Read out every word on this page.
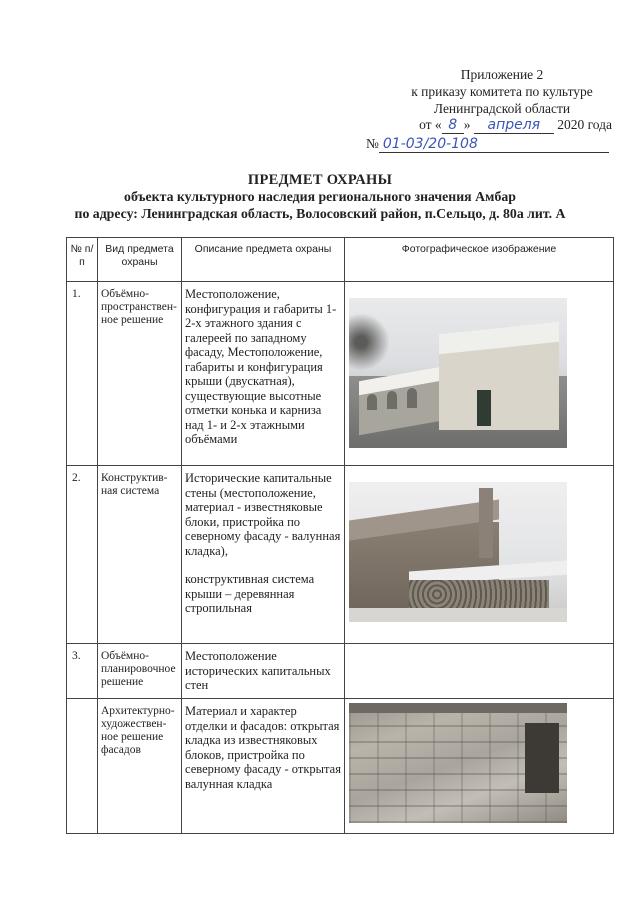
Приложение 2
к приказу комитета по культуре
Ленинградской области
от « 8 » апреля 2020 года
№ 01-03/20-108
ПРЕДМЕТ ОХРАНЫ
объекта культурного наследия регионального значения Амбар
по адресу: Ленинградская область, Волосовский район, п.Сельцо, д. 80а лит. А
№ п/п	Вид предмета охраны	Описание предмета охраны	Фотографическое изображение
1.	Объёмно-пространствен-ное решение	Местоположение, конфигурация и габариты 1-2-х этажного здания с галереей по западному фасаду, Местоположение, габариты и конфигурация крыши (двускатная), существующие высотные отметки конька и карниза над 1- и 2-х этажными объёмами	

2.	Конструктив-ная система	Исторические капитальные стены (местоположение, материал - известняковые блоки, пристройка по северному фасаду - валунная кладка),
конструктивная система крыши – деревянная стропильная	

3.	Объёмно-планировочное решение	Местоположение исторических капитальных стен	
	Архитектурно-художествен-ное решение фасадов	Материал и характер отделки и фасадов: открытая кладка из известняковых блоков, пристройка по северному фасаду - открытая валунная кладка	
